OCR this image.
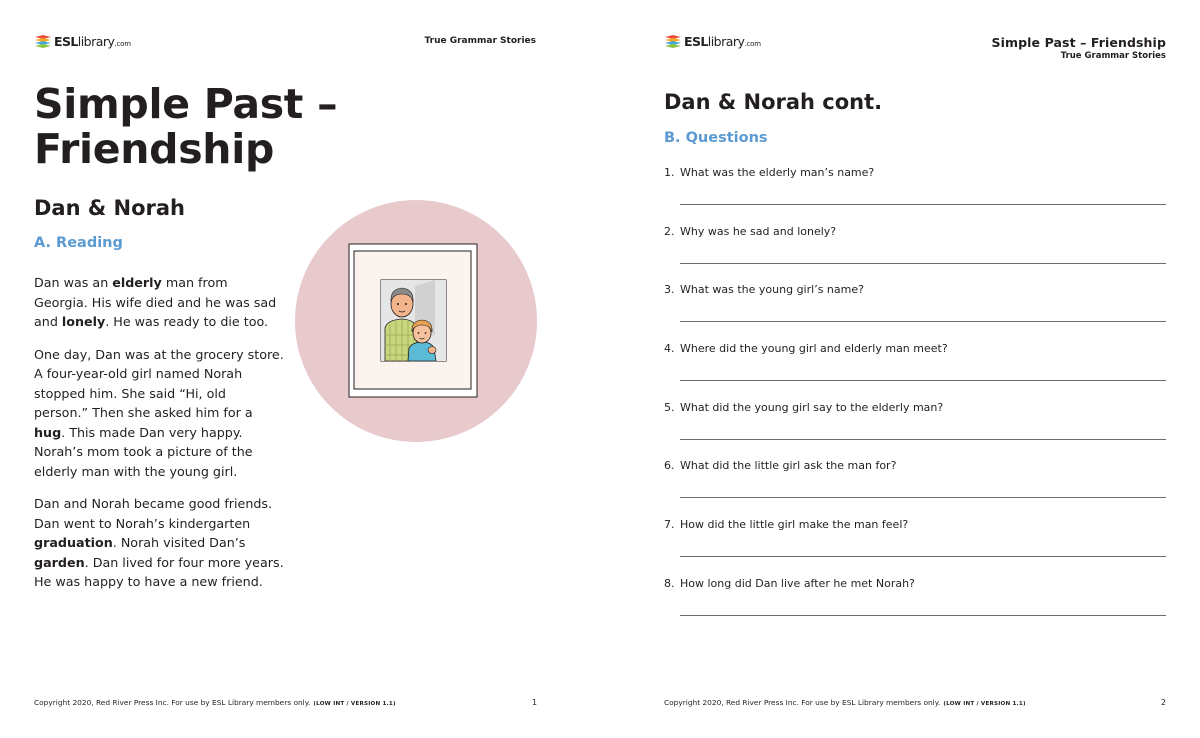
ESLlibrary.com	True Grammar Stories
Simple Past –
Friendship
Dan & Norah
A. Reading

Dan was an elderly man from Georgia. His wife died and he was sad and lonely. He was ready to die too.

One day, Dan was at the grocery store. A four-year-old girl named Norah stopped him. She said “Hi, old person.” Then she asked him for a hug. This made Dan very happy. Norah’s mom took a picture of the elderly man with the young girl.

Dan and Norah became good friends. Dan went to Norah’s kindergarten graduation. Norah visited Dan’s garden. Dan lived for four more years. He was happy to have a new friend.

Copyright 2020, Red River Press Inc. For use by ESL Library members only. (LOW INT / VERSION 1.1)	1
ESLlibrary.com	Simple Past – Friendship
True Grammar Stories
Dan & Norah cont.
B. Questions
1. What was the elderly man’s name?
2. Why was he sad and lonely?
3. What was the young girl’s name?
4. Where did the young girl and elderly man meet?
5. What did the young girl say to the elderly man?
6. What did the little girl ask the man for?
7. How did the little girl make the man feel?
8. How long did Dan live after he met Norah?
Copyright 2020, Red River Press Inc. For use by ESL Library members only. (LOW INT / VERSION 1.1)	2
